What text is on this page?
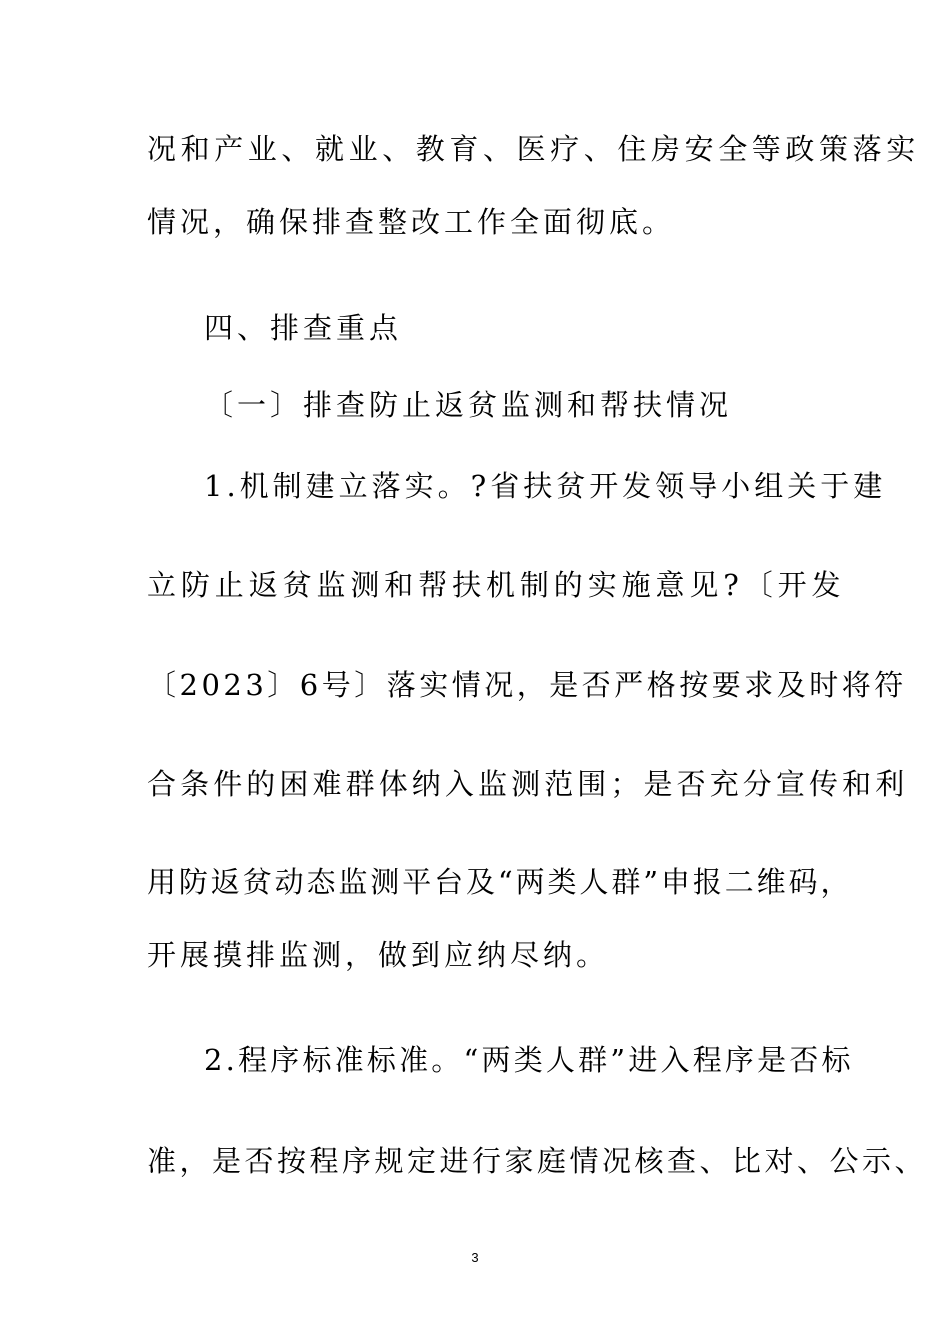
况和产业、就业、教育、医疗、住房安全等政策落实
情况，确保排查整改工作全面彻底。
四、排查重点
〔一〕排查防止返贫监测和帮扶情况
1.机制建立落实。?省扶贫开发领导小组关于建
立防止返贫监测和帮扶机制的实施意见?〔开发
〔2023〕6号〕落实情况，是否严格按要求及时将符
合条件的困难群体纳入监测范围；是否充分宣传和利
用防返贫动态监测平台及“两类人群”申报二维码，
开展摸排监测，做到应纳尽纳。
2.程序标准标准。“两类人群”进入程序是否标
准，是否按程序规定进行家庭情况核查、比对、公示、
3
